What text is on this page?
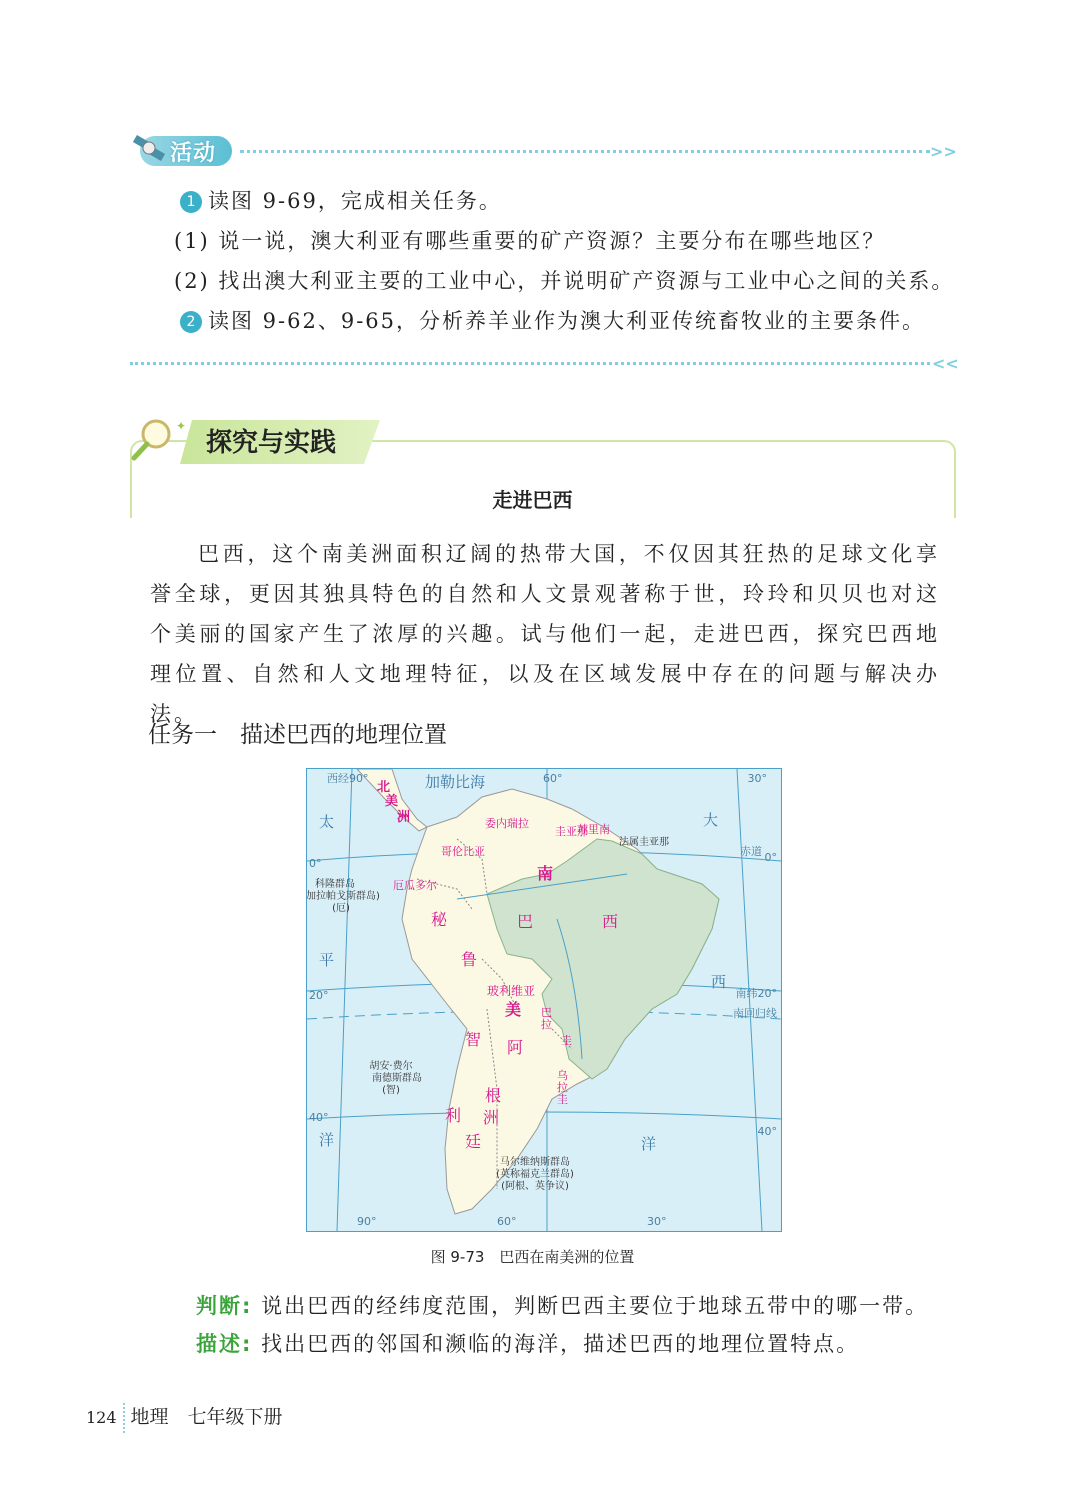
活动	>>
1 读图 9-69，完成相关任务。
(1) 说一说，澳大利亚有哪些重要的矿产资源？主要分布在哪些地区？
(2) 找出澳大利亚主要的工业中心，并说明矿产资源与工业中心之间的关系。
2 读图 9-62、9-65，分析养羊业作为澳大利亚传统畜牧业的主要条件。
<<
✦
探究与实践
走进巴西
巴西，这个南美洲面积辽阔的热带大国，不仅因其狂热的足球文化享誉全球，更因其独具特色的自然和人文景观著称于世，玲玲和贝贝也对这个美丽的国家产生了浓厚的兴趣。试与他们一起，走进巴西，探究巴西地理位置、自然和人文地理特征，以及在区域发展中存在的问题与解决办法。
任务一　描述巴西的地理位置
西经90°	60°	30°
0°	0°
赤道
20°	南纬20°
南回归线
40°
40°
90°	60°	30°
加勒比海
太
平
洋
大
西
洋
北
美
洲	委内瑞拉
圭亚那
苏里南
哥伦比亚
厄瓜多尔
玻利维亚
巴
拉
圭
乌
拉
圭
南
巴	西
秘
鲁
美
阿
根
洲
智
利
廷
法属圭亚那
科隆群岛
(加拉帕戈斯群岛)
(厄)
胡安·费尔
南德斯群岛
(智)
马尔维纳斯群岛
(英称福克兰群岛)
(阿根、英争议)
图 9-73　巴西在南美洲的位置
判断: 说出巴西的经纬度范围，判断巴西主要位于地球五带中的哪一带。
描述: 找出巴西的邻国和濒临的海洋，描述巴西的地理位置特点。
124 地理　七年级下册
